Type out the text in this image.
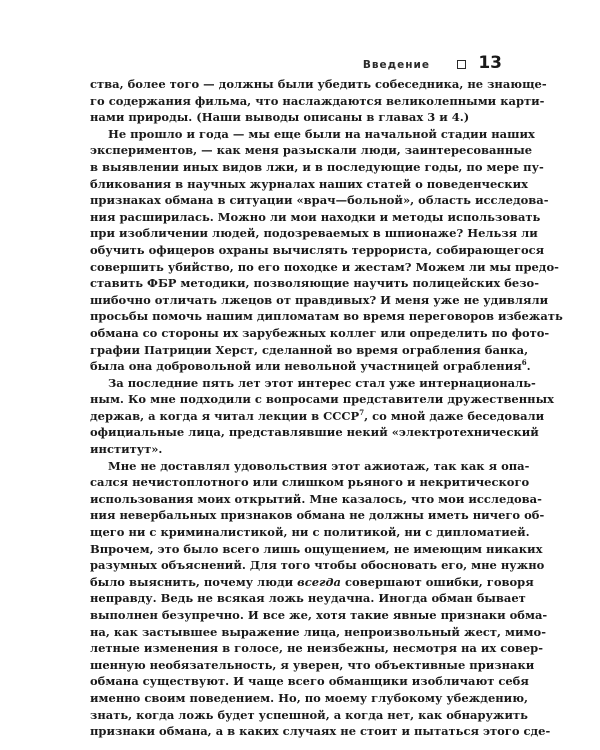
Введение	13
ства, более того — должны были убедить собеседника, не знающе-
го содержания фильма, что наслаждаются великолепными карти-
нами природы. (Наши выводы описаны в главах 3 и 4.)
Не прошло и года — мы еще были на начальной стадии наших
экспериментов, — как меня разыскали люди, заинтересованные
в выявлении иных видов лжи, и в последующие годы, по мере пу-
бликования в научных журналах наших статей о поведенческих
признаках обмана в ситуации «врач—больной», область исследова-
ния расширилась. Можно ли мои находки и методы использовать
при изобличении людей, подозреваемых в шпионаже? Нельзя ли
обучить офицеров охраны вычислять террориста, собирающегося
совершить убийство, по его походке и жестам? Можем ли мы предо-
ставить ФБР методики, позволяющие научить полицейских безо-
шибочно отличать лжецов от правдивых? И меня уже не удивляли
просьбы помочь нашим дипломатам во время переговоров избежать
обмана со стороны их зарубежных коллег или определить по фото-
графии Патриции Херст, сделанной во время ограбления банка,
была она добровольной или невольной участницей ограбления$^6$.
За последние пять лет этот интерес стал уже интернациональ-
ным. Ко мне подходили с вопросами представители дружественных
держав, а когда я читал лекции в СССР$^7$, со мной даже беседовали
официальные лица, представлявшие некий «электротехнический
институт».
Мне не доставлял удовольствия этот ажиотаж, так как я опа-
сался нечистоплотного или слишком рьяного и некритического
использования моих открытий. Мне казалось, что мои исследова-
ния невербальных признаков обмана не должны иметь ничего об-
щего ни с криминалистикой, ни с политикой, ни с дипломатией.
Впрочем, это было всего лишь ощущением, не имеющим никаких
разумных объяснений. Для того чтобы обосновать его, мне нужно
было выяснить, почему люди всегда совершают ошибки, говоря
неправду. Ведь не всякая ложь неудачна. Иногда обман бывает
выполнен безупречно. И все же, хотя такие явные признаки обма-
на, как застывшее выражение лица, непроизвольный жест, мимо-
летные изменения в голосе, не неизбежны, несмотря на их совер-
шенную необязательность, я уверен, что объективные признаки
обмана существуют. И чаще всего обманщики изобличают себя
именно своим поведением. Но, по моему глубокому убеждению,
знать, когда ложь будет успешной, а когда нет, как обнаружить
признаки обмана, а в каких случаях не стоит и пытаться этого сде-
